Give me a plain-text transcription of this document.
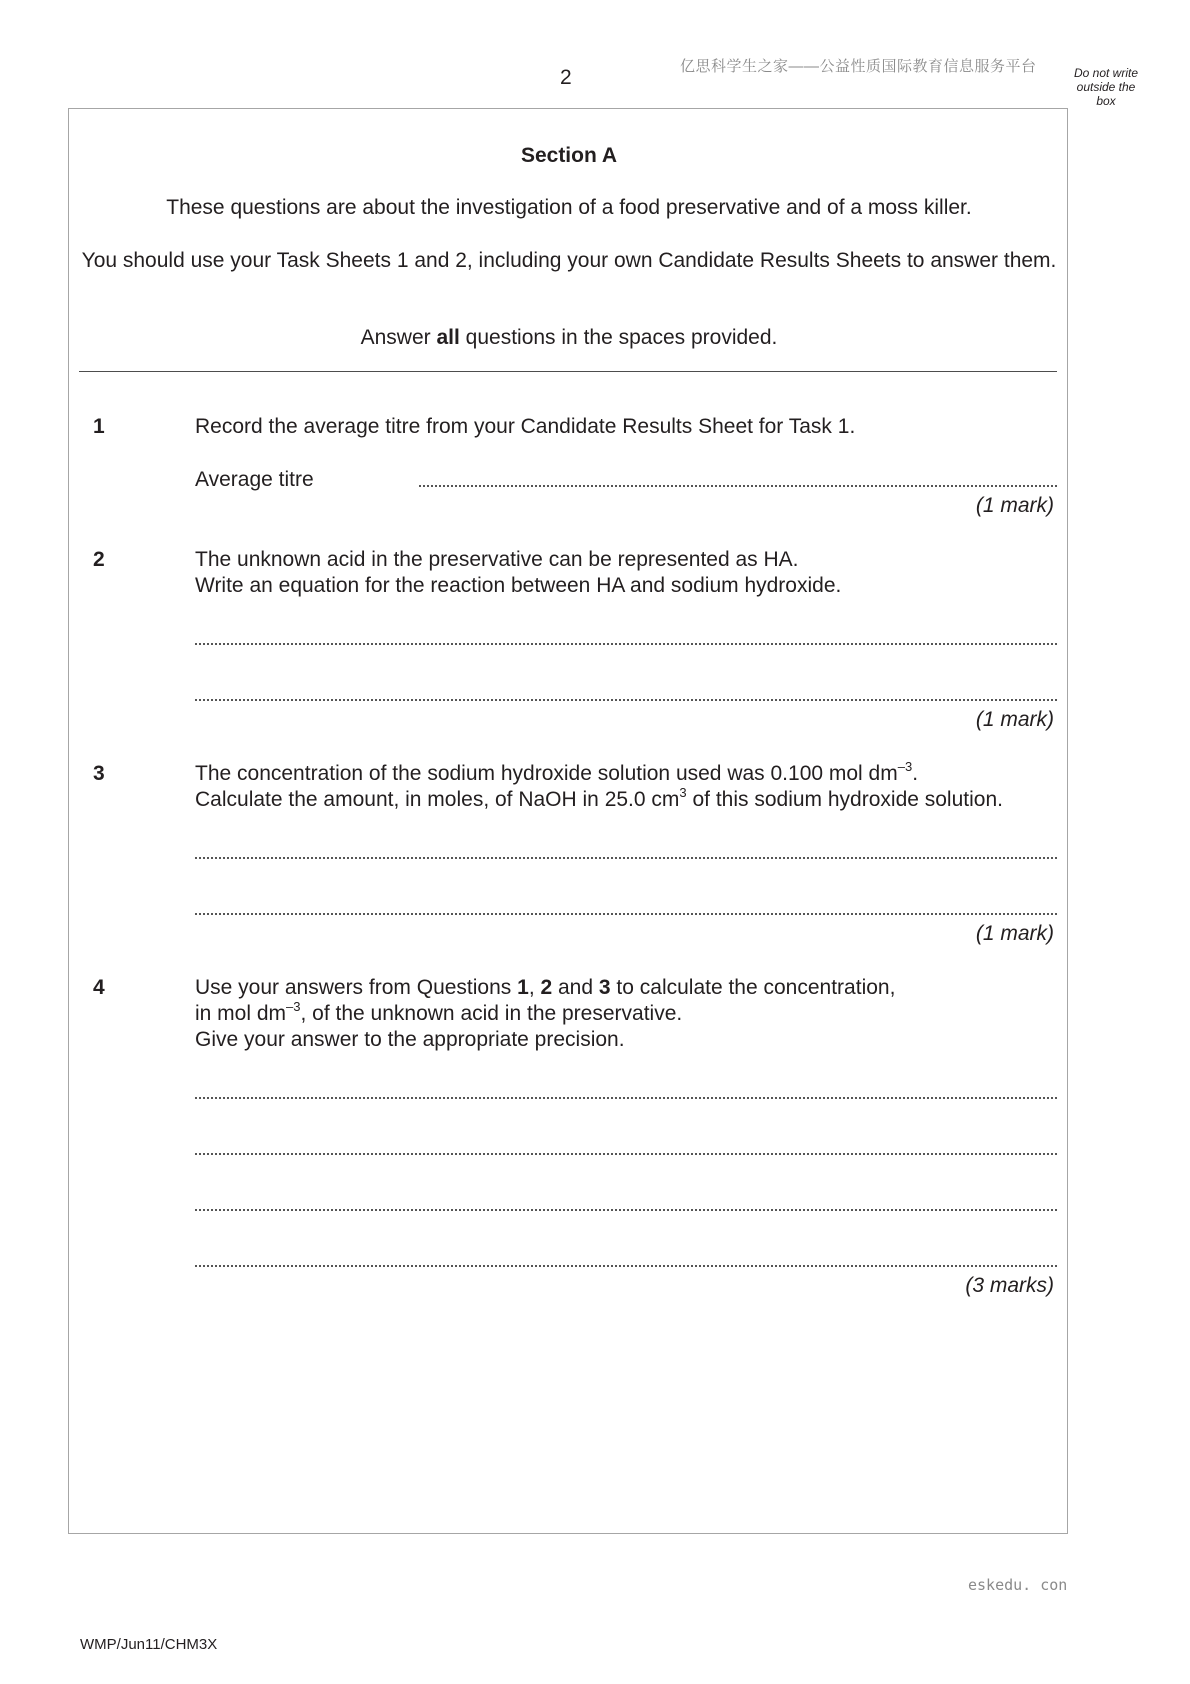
2	亿思科学生之家——公益性质国际教育信息服务平台	Do not write outside the box
Section A
These questions are about the investigation of a food preservative and of a moss killer.
You should use your Task Sheets 1 and 2, including your own Candidate Results Sheets to answer them.
Answer all questions in the spaces provided.
1	Record the average titre from your Candidate Results Sheet for Task 1.
Average titre
(1 mark)
2	The unknown acid in the preservative can be represented as HA.
Write an equation for the reaction between HA and sodium hydroxide.
(1 mark)
3	The concentration of the sodium hydroxide solution used was 0.100 mol $dm^{-3}$.
Calculate the amount, in moles, of NaOH in 25.0 $cm^3$ of this sodium hydroxide solution.
(1 mark)
4	Use your answers from Questions 1, 2 and 3 to calculate the concentration,
in mol $dm^{-3}$, of the unknown acid in the preservative.
Give your answer to the appropriate precision.
(3 marks)
eskedu. con
WMP/Jun11/CHM3X
